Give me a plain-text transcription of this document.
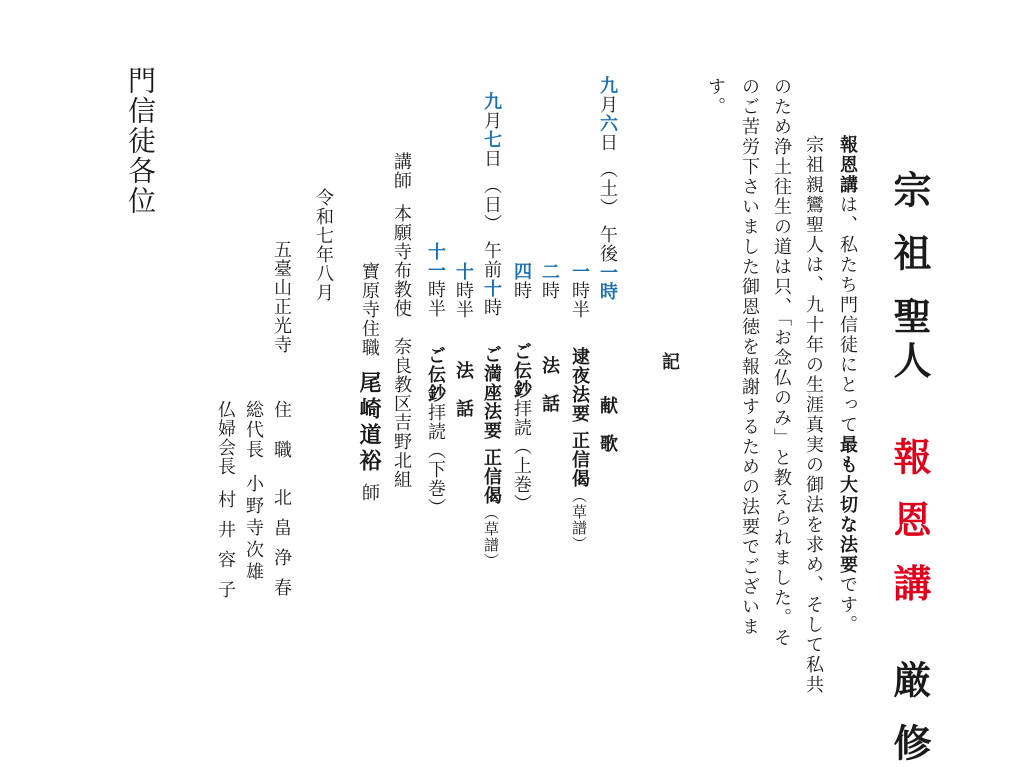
宗 祖 聖人  報 恩 講  厳 修
報恩講は、私たち門信徒にとって最も大切な法要です。
宗祖親鸞聖人は、九十年の生涯真実の御法を求め、そして私共
のため浄土往生の道は只、「お念仏のみ」と教えられました。そ
のご苦労下さいました御恩徳を報謝するための法要でございま
す。
記
九月六日（土）午後一時
献　歌
一時半逮夜法要正信偈（草譜）
二時法　話
四時ご伝鈔拝読（上巻）
九月七日（日）午前十時ご満座法要正信偈（草譜）
十時半法　話
十一時半ご伝鈔拝読（下巻）
講師本願寺布教使　奈良教区吉野北組
寶原寺住職尾崎道裕師
令和七年八月
五臺山正光寺
住　職北畠浄春
総代長小野寺次雄
仏婦会長村井容子
門信徒各位
